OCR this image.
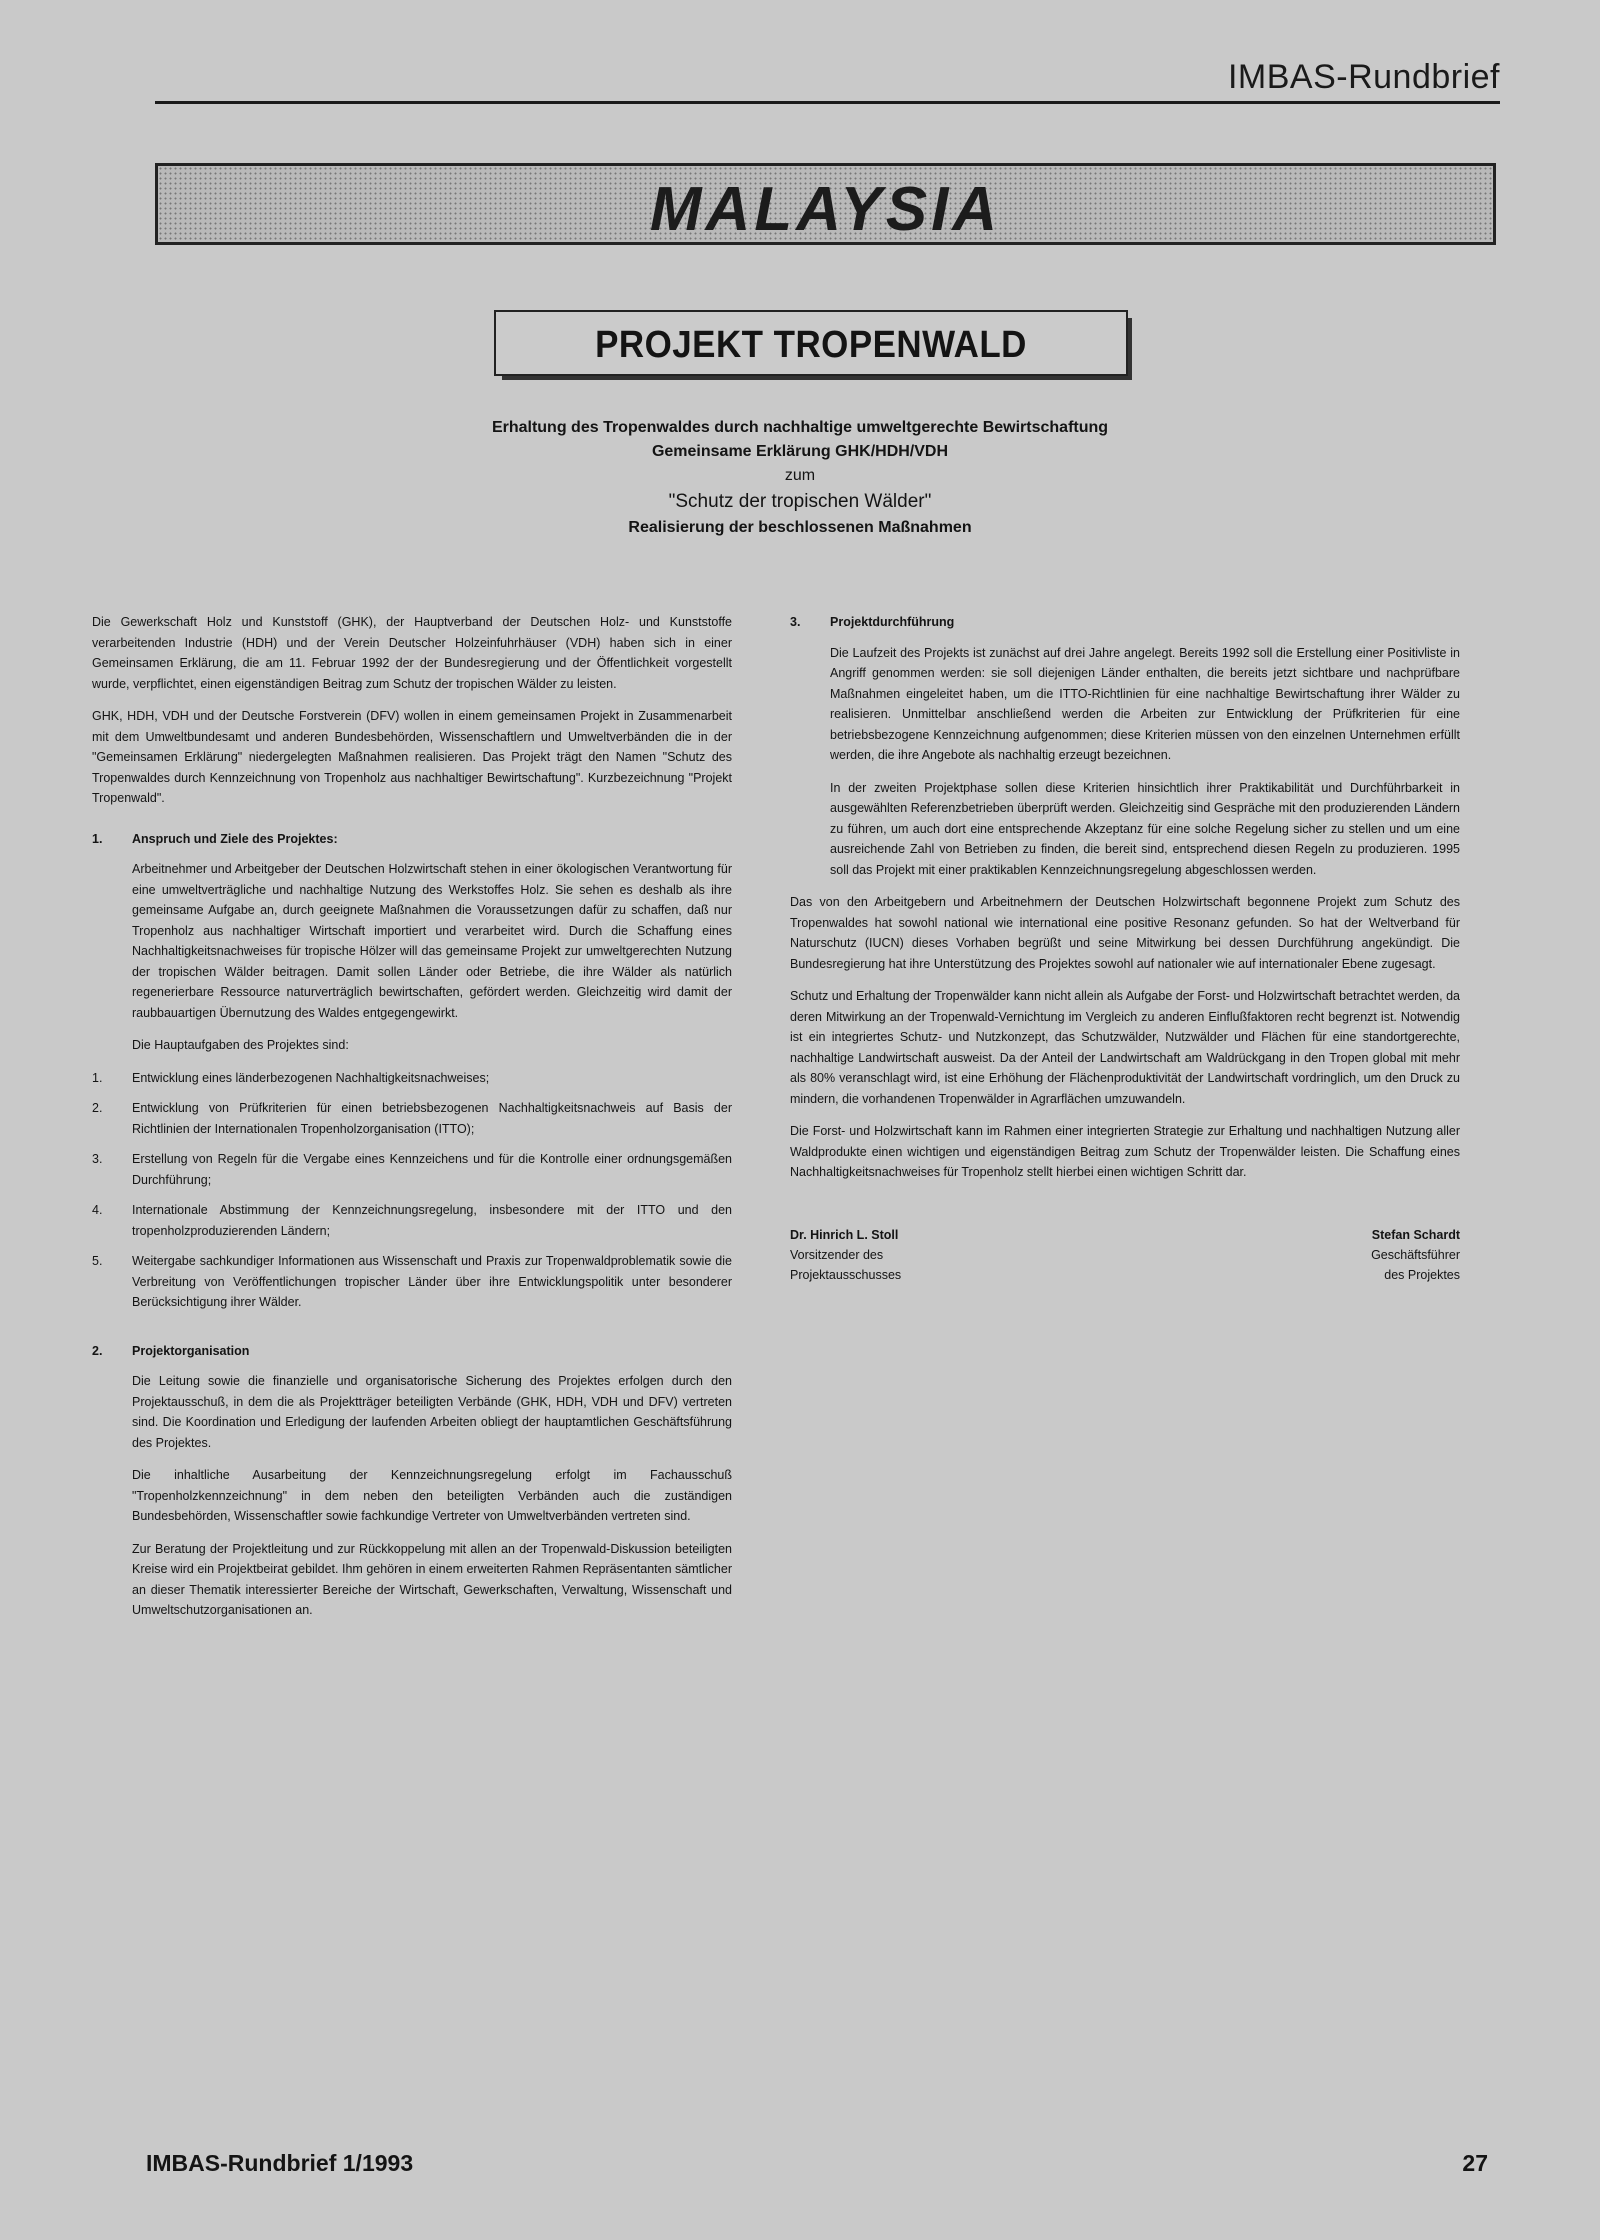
IMBAS-Rundbrief
MALAYSIA
PROJEKT TROPENWALD
Erhaltung des Tropenwaldes durch nachhaltige umweltgerechte Bewirtschaftung
Gemeinsame Erklärung GHK/HDH/VDH
zum
"Schutz der tropischen Wälder"
Realisierung der beschlossenen Maßnahmen

Die Gewerkschaft Holz und Kunststoff (GHK), der Hauptverband der Deutschen Holz- und Kunststoffe verarbeitenden Industrie (HDH) und der Verein Deutscher Holzeinfuhrhäuser (VDH) haben sich in einer Gemeinsamen Erklärung, die am 11. Februar 1992 der der Bundesregierung und der Öffentlichkeit vorgestellt wurde, verpflichtet, einen eigenständigen Beitrag zum Schutz der tropischen Wälder zu leisten.

GHK, HDH, VDH und der Deutsche Forstverein (DFV) wollen in einem gemeinsamen Projekt in Zusammenarbeit mit dem Umweltbundesamt und anderen Bundesbehörden, Wissenschaftlern und Umweltverbänden die in der "Gemeinsamen Erklärung" niedergelegten Maßnahmen realisieren. Das Projekt trägt den Namen "Schutz des Tropenwaldes durch Kennzeichnung von Tropenholz aus nachhaltiger Bewirtschaftung". Kurzbezeichnung "Projekt Tropenwald".

1.	Anspruch und Ziele des Projektes:

Arbeitnehmer und Arbeitgeber der Deutschen Holzwirtschaft stehen in einer ökologischen Verantwortung für eine umweltverträgliche und nachhaltige Nutzung des Werkstoffes Holz. Sie sehen es deshalb als ihre gemeinsame Aufgabe an, durch geeignete Maßnahmen die Voraussetzungen dafür zu schaffen, daß nur Tropenholz aus nachhaltiger Wirtschaft importiert und verarbeitet wird. Durch die Schaffung eines Nachhaltigkeitsnachweises für tropische Hölzer will das gemeinsame Projekt zur umweltgerechten Nutzung der tropischen Wälder beitragen. Damit sollen Länder oder Betriebe, die ihre Wälder als natürlich regenerierbare Ressource naturverträglich bewirtschaften, gefördert werden. Gleichzeitig wird damit der raubbauartigen Übernutzung des Waldes entgegengewirkt.

Die Hauptaufgaben des Projektes sind:

1.	Entwicklung eines länderbezogenen Nachhaltigkeitsnachweises;
2.	Entwicklung von Prüfkriterien für einen betriebsbezogenen Nachhaltigkeitsnachweis auf Basis der Richtlinien der Internationalen Tropenholzorganisation (ITTO);
3.	Erstellung von Regeln für die Vergabe eines Kennzeichens und für die Kontrolle einer ordnungsgemäßen Durchführung;
4.	Internationale Abstimmung der Kennzeichnungsregelung, insbesondere mit der ITTO und den tropenholzproduzierenden Ländern;
5.	Weitergabe sachkundiger Informationen aus Wissenschaft und Praxis zur Tropenwaldproblematik sowie die Verbreitung von Veröffentlichungen tropischer Länder über ihre Entwicklungspolitik unter besonderer Berücksichtigung ihrer Wälder.
2.	Projektorganisation

Die Leitung sowie die finanzielle und organisatorische Sicherung des Projektes erfolgen durch den Projektausschuß, in dem die als Projektträger beteiligten Verbände (GHK, HDH, VDH und DFV) vertreten sind. Die Koordination und Erledigung der laufenden Arbeiten obliegt der hauptamtlichen Geschäftsführung des Projektes.

Die inhaltliche Ausarbeitung der Kennzeichnungsregelung erfolgt im Fachausschuß "Tropenholzkennzeichnung" in dem neben den beteiligten Verbänden auch die zuständigen Bundesbehörden, Wissenschaftler sowie fachkundige Vertreter von Umweltverbänden vertreten sind.

Zur Beratung der Projektleitung und zur Rückkoppelung mit allen an der Tropenwald-Diskussion beteiligten Kreise wird ein Projektbeirat gebildet. Ihm gehören in einem erweiterten Rahmen Repräsentanten sämtlicher an dieser Thematik interessierter Bereiche der Wirtschaft, Gewerkschaften, Verwaltung, Wissenschaft und Umweltschutzorganisationen an.

3.	Projektdurchführung

Die Laufzeit des Projekts ist zunächst auf drei Jahre angelegt. Bereits 1992 soll die Erstellung einer Positivliste in Angriff genommen werden: sie soll diejenigen Länder enthalten, die bereits jetzt sichtbare und nachprüfbare Maßnahmen eingeleitet haben, um die ITTO-Richtlinien für eine nachhaltige Bewirtschaftung ihrer Wälder zu realisieren. Unmittelbar anschließend werden die Arbeiten zur Entwicklung der Prüfkriterien für eine betriebsbezogene Kennzeichnung aufgenommen; diese Kriterien müssen von den einzelnen Unternehmen erfüllt werden, die ihre Angebote als nachhaltig erzeugt bezeichnen.

In der zweiten Projektphase sollen diese Kriterien hinsichtlich ihrer Praktikabilität und Durchführbarkeit in ausgewählten Referenzbetrieben überprüft werden. Gleichzeitig sind Gespräche mit den produzierenden Ländern zu führen, um auch dort eine entsprechende Akzeptanz für eine solche Regelung sicher zu stellen und um eine ausreichende Zahl von Betrieben zu finden, die bereit sind, entsprechend diesen Regeln zu produzieren. 1995 soll das Projekt mit einer praktikablen Kennzeichnungsregelung abgeschlossen werden.

Das von den Arbeitgebern und Arbeitnehmern der Deutschen Holzwirtschaft begonnene Projekt zum Schutz des Tropenwaldes hat sowohl national wie international eine positive Resonanz gefunden. So hat der Weltverband für Naturschutz (IUCN) dieses Vorhaben begrüßt und seine Mitwirkung bei dessen Durchführung angekündigt. Die Bundesregierung hat ihre Unterstützung des Projektes sowohl auf nationaler wie auf internationaler Ebene zugesagt.

Schutz und Erhaltung der Tropenwälder kann nicht allein als Aufgabe der Forst- und Holzwirtschaft betrachtet werden, da deren Mitwirkung an der Tropenwald-Vernichtung im Vergleich zu anderen Einflußfaktoren recht begrenzt ist. Notwendig ist ein integriertes Schutz- und Nutzkonzept, das Schutzwälder, Nutzwälder und Flächen für eine standortgerechte, nachhaltige Landwirtschaft ausweist. Da der Anteil der Landwirtschaft am Waldrückgang in den Tropen global mit mehr als 80% veranschlagt wird, ist eine Erhöhung der Flächenproduktivität der Landwirtschaft vordringlich, um den Druck zu mindern, die vorhandenen Tropenwälder in Agrarflächen umzuwandeln.

Die Forst- und Holzwirtschaft kann im Rahmen einer integrierten Strategie zur Erhaltung und nachhaltigen Nutzung aller Waldprodukte einen wichtigen und eigenständigen Beitrag zum Schutz der Tropenwälder leisten. Die Schaffung eines Nachhaltigkeitsnachweises für Tropenholz stellt hierbei einen wichtigen Schritt dar.

Dr. Hinrich L. Stoll
Vorsitzender des
Projektausschusses
Stefan Schardt
Geschäftsführer
des Projektes
IMBAS-Rundbrief 1/1993	27
